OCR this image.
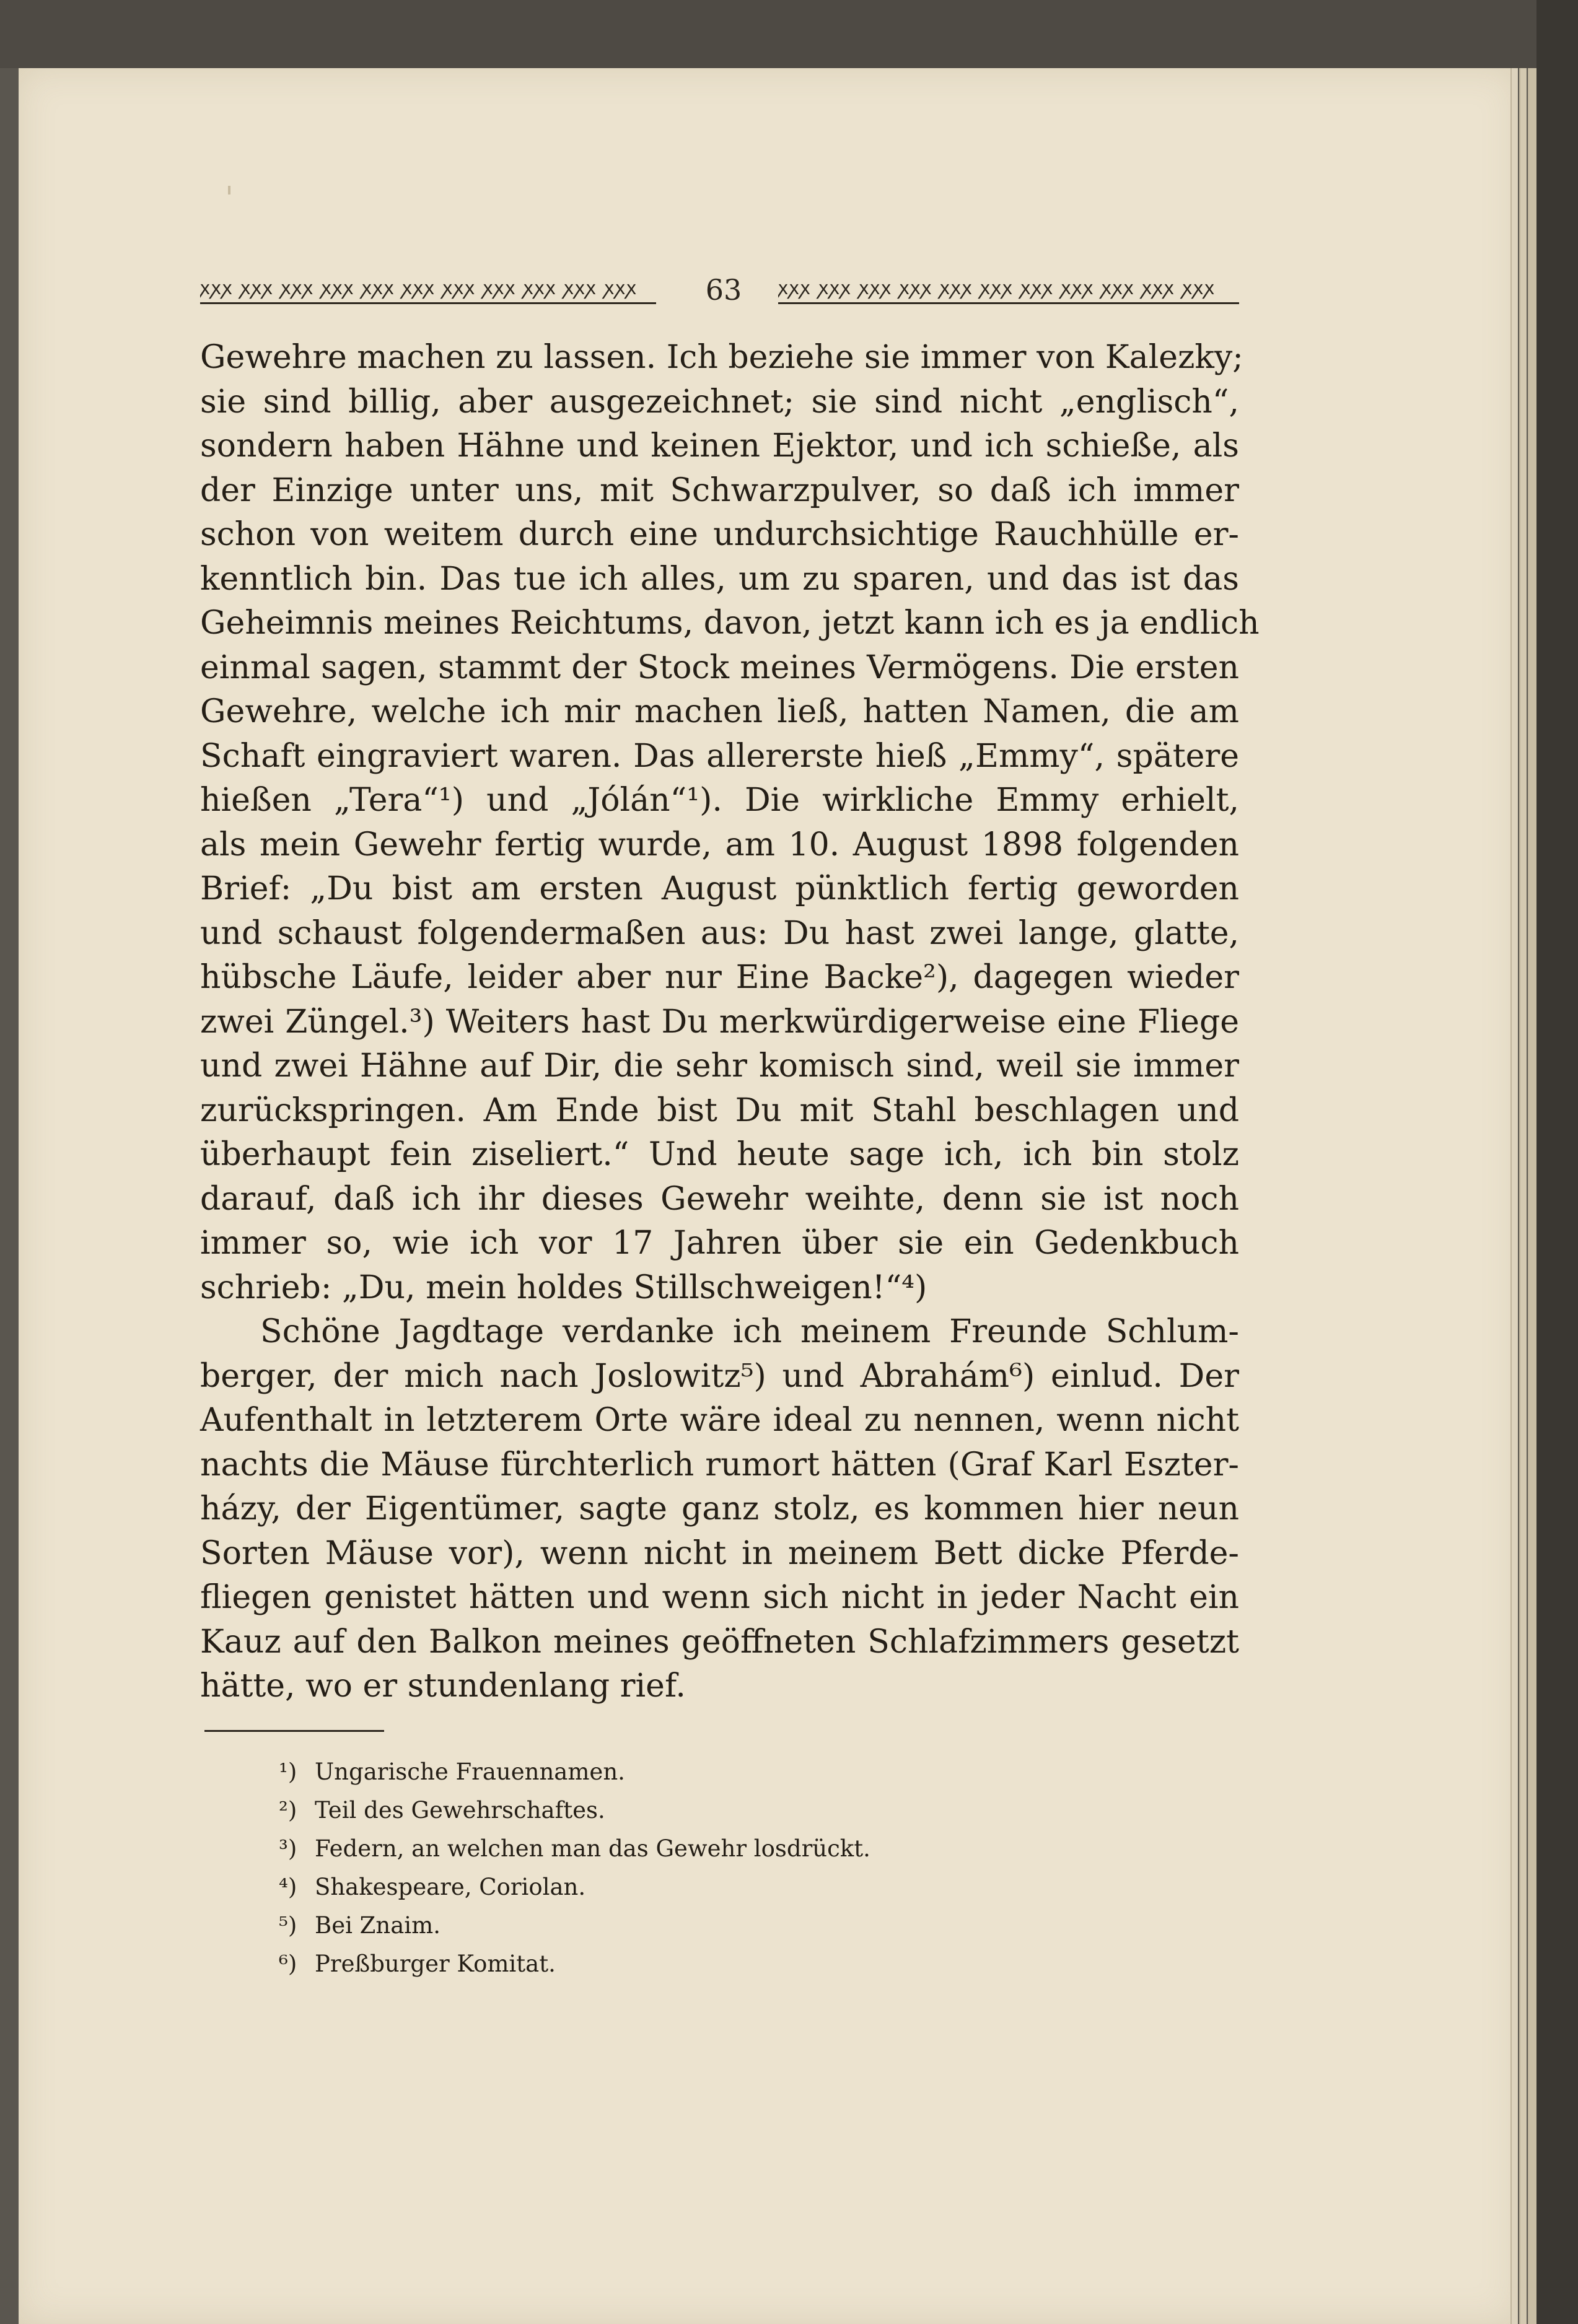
ꭗꭗꭗ ꭗꭗꭗ ꭗꭗꭗ ꭗꭗꭗ ꭗꭗꭗ ꭗꭗꭗ ꭗꭗꭗ ꭗꭗꭗ ꭗꭗꭗ ꭗꭗꭗ ꭗꭗꭗ	63	ꭗꭗꭗ ꭗꭗꭗ ꭗꭗꭗ ꭗꭗꭗ ꭗꭗꭗ ꭗꭗꭗ ꭗꭗꭗ ꭗꭗꭗ ꭗꭗꭗ ꭗꭗꭗ ꭗꭗꭗ
Gewehre machen zu lassen. Ich beziehe sie immer von Kalezky;
sie sind billig, aber ausgezeichnet; sie sind nicht „englisch“,
sondern haben Hähne und keinen Ejektor, und ich schieße, als
der Einzige unter uns, mit Schwarzpulver, so daß ich immer
schon von weitem durch eine undurchsichtige Rauchhülle er-
kenntlich bin. Das tue ich alles, um zu sparen, und das ist das
Geheimnis meines Reichtums, davon, jetzt kann ich es ja endlich
einmal sagen, stammt der Stock meines Vermögens. Die ersten
Gewehre, welche ich mir machen ließ, hatten Namen, die am
Schaft eingraviert waren. Das allererste hieß „Emmy“, spätere
hießen „Tera“¹) und „Jólán“¹). Die wirkliche Emmy erhielt,
als mein Gewehr fertig wurde, am 10. August 1898 folgenden
Brief: „Du bist am ersten August pünktlich fertig geworden
und schaust folgendermaßen aus: Du hast zwei lange, glatte,
hübsche Läufe, leider aber nur Eine Backe²), dagegen wieder
zwei Züngel.³) Weiters hast Du merkwürdigerweise eine Fliege
und zwei Hähne auf Dir, die sehr komisch sind, weil sie immer
zurückspringen. Am Ende bist Du mit Stahl beschlagen und
überhaupt fein ziseliert.“ Und heute sage ich, ich bin stolz
darauf, daß ich ihr dieses Gewehr weihte, denn sie ist noch
immer so, wie ich vor 17 Jahren über sie ein Gedenkbuch
schrieb: „Du, mein holdes Stillschweigen!“⁴)
Schöne Jagdtage verdanke ich meinem Freunde Schlum-
berger, der mich nach Joslowitz⁵) und Abrahám⁶) einlud. Der
Aufenthalt in letzterem Orte wäre ideal zu nennen, wenn nicht
nachts die Mäuse fürchterlich rumort hätten (Graf Karl Eszter-
házy, der Eigentümer, sagte ganz stolz, es kommen hier neun
Sorten Mäuse vor), wenn nicht in meinem Bett dicke Pferde-
fliegen genistet hätten und wenn sich nicht in jeder Nacht ein
Kauz auf den Balkon meines geöffneten Schlafzimmers gesetzt
hätte, wo er stundenlang rief.
¹) Ungarische Frauennamen.
²) Teil des Gewehrschaftes.
³) Federn, an welchen man das Gewehr losdrückt.
⁴) Shakespeare, Coriolan.
⁵) Bei Znaim.
⁶) Preßburger Komitat.
